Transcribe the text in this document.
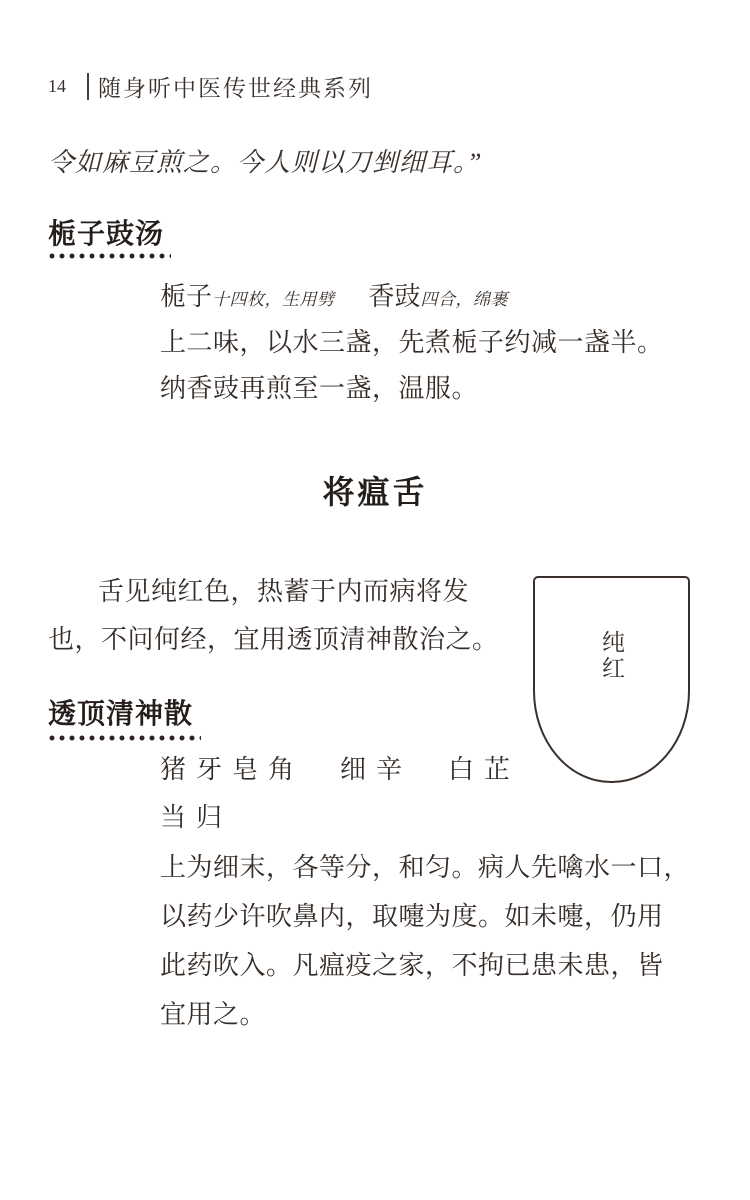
14 随身听中医传世经典系列

令如麻豆煎之。今人则以刀剉细耳。”

栀子豉汤
栀子十四枚，生用劈 香豉四合，绵裹
上二味，以水三盏，先煮栀子约减一盏半。
纳香豉再煎至一盏，温服。
将瘟舌
舌见纯红色，热蓄于内而病将发
也，不问何经，宜用透顶清神散治之。	纯红
透顶清神散
猪牙皂角　细辛　白芷
当归
上为细末，各等分，和匀。病人先噙水一口，
以药少许吹鼻内，取嚏为度。如未嚏，仍用
此药吹入。凡瘟疫之家，不拘已患未患，皆
宜用之。
